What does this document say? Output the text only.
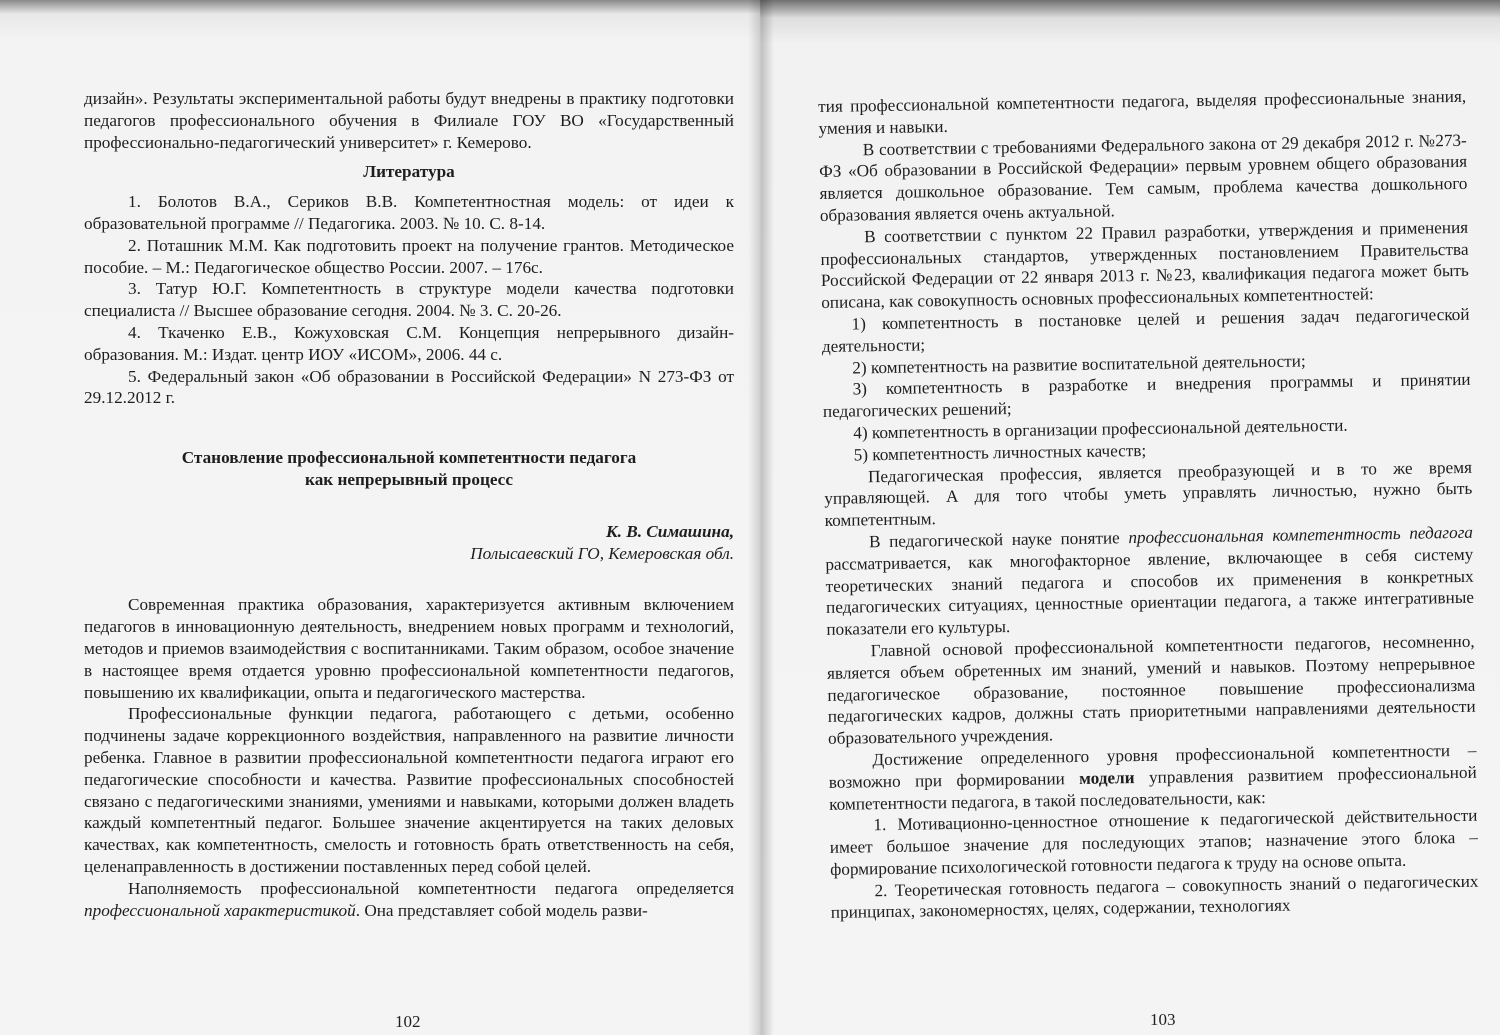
дизайн». Результаты экспериментальной работы будут внедрены в практику подготовки педагогов профессионального обучения в Филиале ГОУ ВО «Государственный профессионально-педагогический университет» г. Кемерово.

Литература

1. Болотов В.А., Сериков В.В. Компетентностная модель: от идеи к образовательной программе // Педагогика. 2003. № 10. С. 8-14.

2. Поташник М.М. Как подготовить проект на получение грантов. Методическое пособие. – М.: Педагогическое общество России. 2007. – 176с.

3. Татур Ю.Г. Компетентность в структуре модели качества подготовки специалиста // Высшее образование сегодня. 2004. № 3. С. 20-26.

4. Ткаченко Е.В., Кожуховская С.М. Концепция непрерывного дизайн-образования. М.: Издат. центр ИОУ «ИСОМ», 2006. 44 с.

5. Федеральный закон «Об образовании в Российской Федерации» N 273-ФЗ от 29.12.2012 г.

Становление профессиональной компетентности педагога
как непрерывный процесс

К. В. Симашина,

Полысаевский ГО, Кемеровская обл.

Современная практика образования, характеризуется активным включением педагогов в инновационную деятельность, внедрением новых программ и технологий, методов и приемов взаимодействия с воспитанниками. Таким образом, особое значение в настоящее время отдается уровню профессиональной компетентности педагогов, повышению их квалификации, опыта и педагогического мастерства.

Профессиональные функции педагога, работающего с детьми, особенно подчинены задаче коррекционного воздействия, направленного на развитие личности ребенка. Главное в развитии профессиональной компетентности педагога играют его педагогические способности и качества. Развитие профессиональных способностей связано с педагогическими знаниями, умениями и навыками, которыми должен владеть каждый компетентный педагог. Большее значение акцентируется на таких деловых качествах, как компетентность, смелость и готовность брать ответственность на себя, целенаправленность в достижении поставленных перед собой целей.

Наполняемость профессиональной компетентности педагога определяется профессиональной характеристикой. Она представляет собой модель разви-

102

тия профессиональной компетентности педагога, выделяя профессиональные знания, умения и навыки.

В соответствии с требованиями Федерального закона от 29 декабря 2012 г. №273-ФЗ «Об образовании в Российской Федерации» первым уровнем общего образования является дошкольное образование. Тем самым, проблема качества дошкольного образования является очень актуальной.

В соответствии с пунктом 22 Правил разработки, утверждения и применения профессиональных стандартов, утвержденных постановлением Правительства Российской Федерации от 22 января 2013 г. №23, квалификация педагога может быть описана, как совокупность основных профессиональных компетентностей:

1) компетентность в постановке целей и решения задач педагогической деятельности;

2) компетентность на развитие воспитательной деятельности;

3) компетентность в разработке и внедрения программы и принятии педагогических решений;

4) компетентность в организации профессиональной деятельности.

5) компетентность личностных качеств;

Педагогическая профессия, является преобразующей и в то же время управляющей. А для того чтобы уметь управлять личностью, нужно быть компетентным.

В педагогической науке понятие профессиональная компетентность педагога рассматривается, как многофакторное явление, включающее в себя систему теоретических знаний педагога и способов их применения в конкретных педагогических ситуациях, ценностные ориентации педагога, а также интегративные показатели его культуры.

Главной основой профессиональной компетентности педагогов, несомненно, является объем обретенных им знаний, умений и навыков. Поэтому непрерывное педагогическое образование, постоянное повышение профессионализма педагогических кадров, должны стать приоритетными направлениями деятельности образовательного учреждения.

Достижение определенного уровня профессиональной компетентности – возможно при формировании модели управления развитием профессиональной компетентности педагога, в такой последовательности, как:

1. Мотивационно-ценностное отношение к педагогической действительности имеет большое значение для последующих этапов; назначение этого блока – формирование психологической готовности педагога к труду на основе опыта.

2. Теоретическая готовность педагога – совокупность знаний о педагогических принципах, закономерностях, целях, содержании, технологиях

103
